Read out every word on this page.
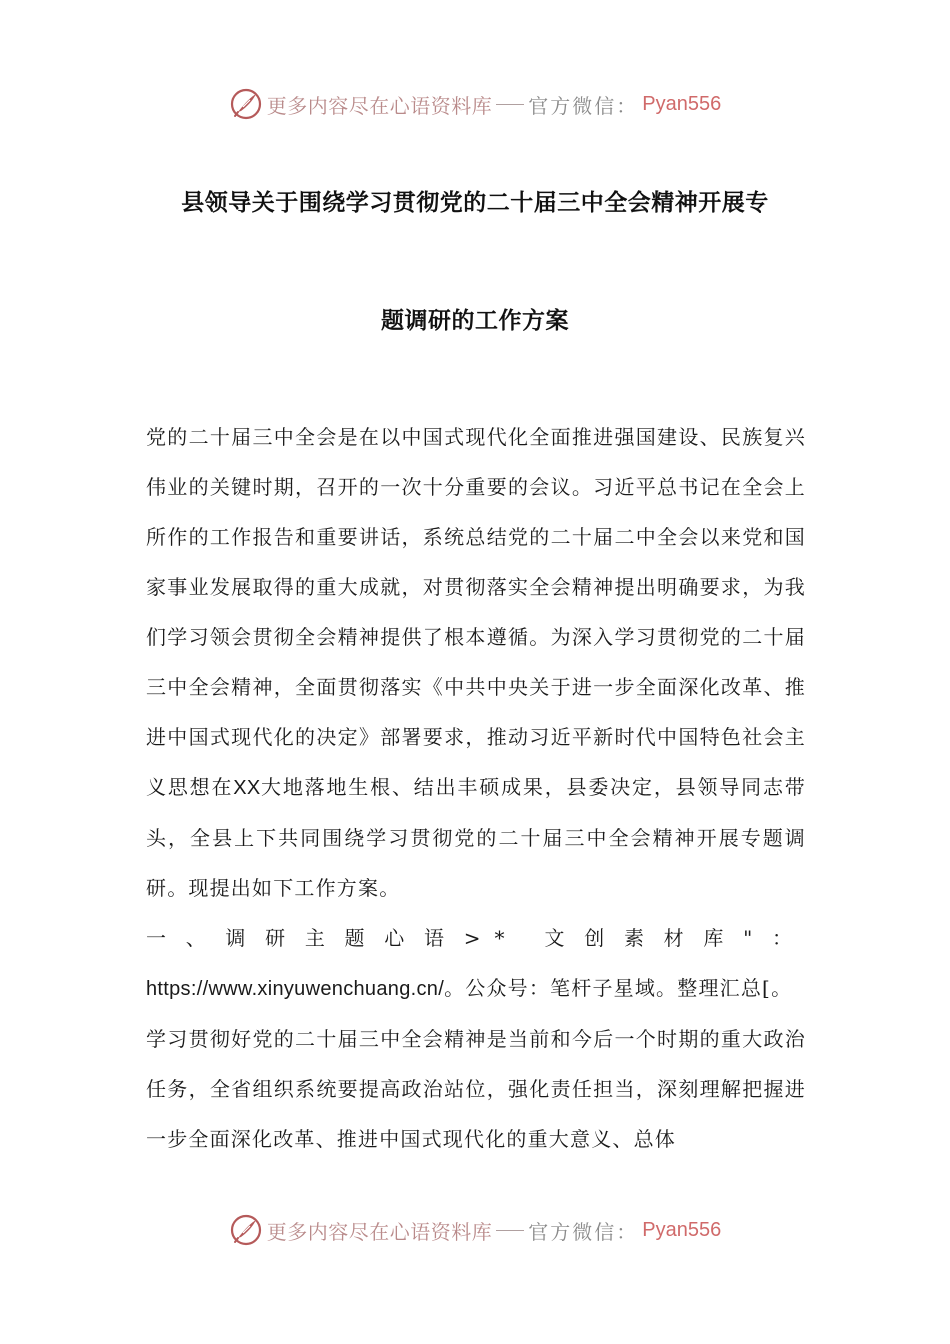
更多内容尽在心语资料库 官方微信： Pyan556
县领导关于围绕学习贯彻党的二十届三中全会精神开展专
题调研的工作方案

党的二十届三中全会是在以中国式现代化全面推进强国建设、民族复兴伟业的关键时期，召开的一次十分重要的会议。习近平总书记在全会上所作的工作报告和重要讲话，系统总结党的二十届二中全会以来党和国家事业发展取得的重大成就，对贯彻落实全会精神提出明确要求，为我们学习领会贯彻全会精神提供了根本遵循。为深入学习贯彻党的二十届三中全会精神，全面贯彻落实《中共中央关于进一步全面深化改革、推进中国式现代化的决定》部署要求，推动习近平新时代中国特色社会主义思想在XX大地落地生根、结出丰硕成果，县委决定，县领导同志带头，全县上下共同围绕学习贯彻党的二十届三中全会精神开展专题调研。现提出如下工作方案。

一、调研主题心语>* 文创素材库"： https://www.xinyuwenchuang.cn/。公众号：笔杆子星域。整理汇总[。

学习贯彻好党的二十届三中全会精神是当前和今后一个时期的重大政治任务，全省组织系统要提高政治站位，强化责任担当，深刻理解把握进一步全面深化改革、推进中国式现代化的重大意义、总体

更多内容尽在心语资料库 官方微信： Pyan556
